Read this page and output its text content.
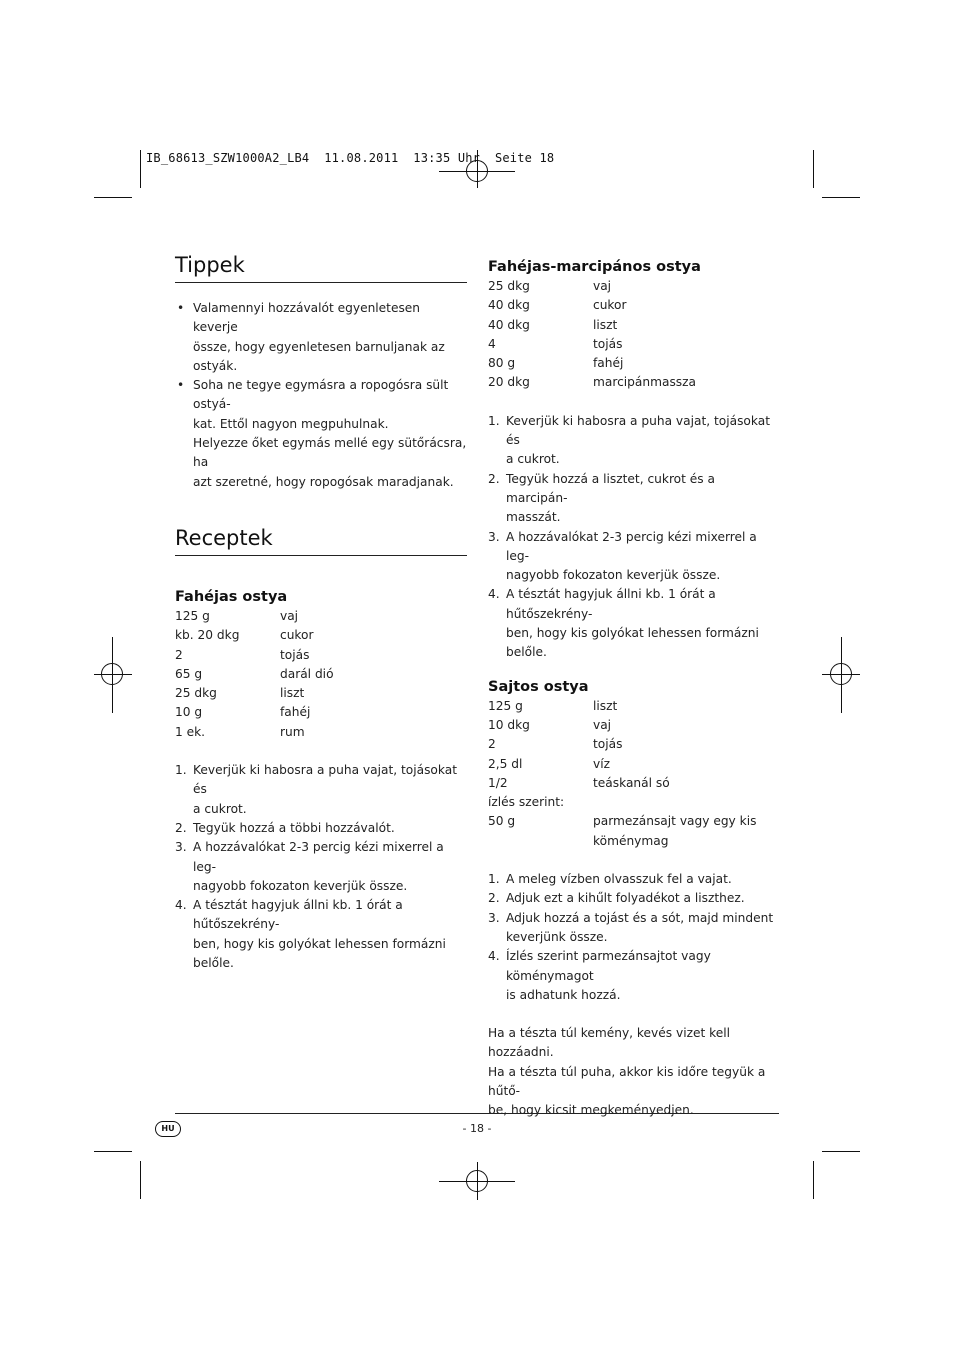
IB_68613_SZW1000A2_LB4  11.08.2011  13:35 Uhr  Seite 18
Tippek
• Valamennyi hozzávalót egyenletesen keverje
össze, hogy egyenletesen barnuljanak az ostyák.
• Soha ne tegye egymásra a ropogósra sült ostyá-
kat. Ettől nagyon megpuhulnak.
Helyezze őket egymás mellé egy sütőrácsra, ha
azt szeretné, hogy ropogósak maradjanak.
Receptek
Fahéjas ostya
125 g	vaj
kb. 20 dkg	cukor
2	tojás
65 g	darál dió
25 dkg	liszt
10 g	fahéj
1 ek.	rum
1. Keverjük ki habosra a puha vajat, tojásokat és
a cukrot.
2. Tegyük hozzá a többi hozzávalót.
3. A hozzávalókat 2-3 percig kézi mixerrel a leg-
nagyobb fokozaton keverjük össze.
4. A tésztát hagyjuk állni kb. 1 órát a hűtőszekrény-
ben, hogy kis golyókat lehessen formázni belőle.
Fahéjas-marcipános ostya
25 dkg	vaj
40 dkg	cukor
40 dkg	liszt
4	tojás
80 g	fahéj
20 dkg	marcipánmassza
1. Keverjük ki habosra a puha vajat, tojásokat és
a cukrot.
2. Tegyük hozzá a lisztet, cukrot és a marcipán-
masszát.
3. A hozzávalókat 2-3 percig kézi mixerrel a leg-
nagyobb fokozaton keverjük össze.
4. A tésztát hagyjuk állni kb. 1 órát a hűtőszekrény-
ben, hogy kis golyókat lehessen formázni belőle.
Sajtos ostya
125 g	liszt
10 dkg	vaj
2	tojás
2,5 dl	víz
1/2	teáskanál só
ízlés szerint:
50 g	parmezánsajt vagy egy kis
köménymag
1. A meleg vízben olvasszuk fel a vajat.
2. Adjuk ezt a kihűlt folyadékot a liszthez.
3. Adjuk hozzá a tojást és a sót, majd mindent
keverjünk össze.
4. Ízlés szerint parmezánsajtot vagy köménymagot
is adhatunk hozzá.
Ha a tészta túl kemény, kevés vizet kell hozzáadni.
Ha a tészta túl puha, akkor kis időre tegyük a hűtő-
be, hogy kicsit megkeményedjen.
HU	- 18 -
